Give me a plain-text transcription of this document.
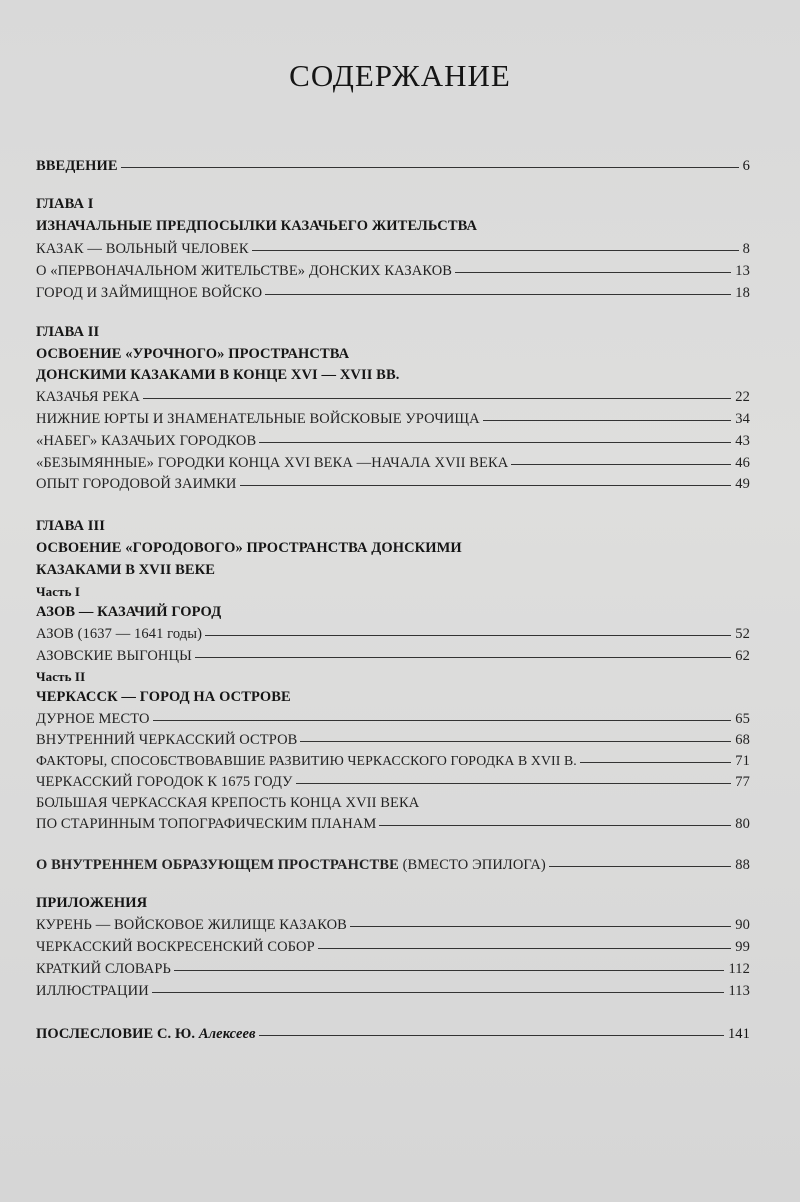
СОДЕРЖАНИЕ
ВВЕДЕНИЕ	6
ГЛАВА I
ИЗНАЧАЛЬНЫЕ ПРЕДПОСЫЛКИ КАЗАЧЬЕГО ЖИТЕЛЬСТВА
КАЗАК — ВОЛЬНЫЙ ЧЕЛОВЕК	8
О «ПЕРВОНАЧАЛЬНОМ ЖИТЕЛЬСТВЕ» ДОНСКИХ КАЗАКОВ	13
ГОРОД И ЗАЙМИЩНОЕ ВОЙСКО	18
ГЛАВА II
ОСВОЕНИЕ «УРОЧНОГО» ПРОСТРАНСТВА
ДОНСКИМИ КАЗАКАМИ В КОНЦЕ XVI — XVII ВВ.
КАЗАЧЬЯ РЕКА	22
НИЖНИЕ ЮРТЫ И ЗНАМЕНАТЕЛЬНЫЕ ВОЙСКОВЫЕ УРОЧИЩА	34
«НАБЕГ» КАЗАЧЬИХ ГОРОДКОВ	43
«БЕЗЫМЯННЫЕ» ГОРОДКИ КОНЦА XVI ВЕКА —НАЧАЛА XVII ВЕКА	46
ОПЫТ ГОРОДОВОЙ ЗАИМКИ	49
ГЛАВА III
ОСВОЕНИЕ «ГОРОДОВОГО» ПРОСТРАНСТВА ДОНСКИМИ
КАЗАКАМИ В XVII ВЕКЕ
Часть I
АЗОВ — КАЗАЧИЙ ГОРОД
АЗОВ (1637 — 1641 годы)	52
АЗОВСКИЕ ВЫГОНЦЫ	62
Часть II
ЧЕРКАССК — ГОРОД НА ОСТРОВЕ
ДУРНОЕ МЕСТО	65
ВНУТРЕННИЙ ЧЕРКАССКИЙ ОСТРОВ	68
ФАКТОРЫ, СПОСОБСТВОВАВШИЕ РАЗВИТИЮ ЧЕРКАССКОГО ГОРОДКА В XVII В.	71
ЧЕРКАССКИЙ ГОРОДОК К 1675 ГОДУ	77
БОЛЬШАЯ ЧЕРКАССКАЯ КРЕПОСТЬ КОНЦА XVII ВЕКА
ПО СТАРИННЫМ ТОПОГРАФИЧЕСКИМ ПЛАНАМ	80
О ВНУТРЕННЕМ ОБРАЗУЮЩЕМ ПРОСТРАНСТВЕ (ВМЕСТО ЭПИЛОГА)	88
ПРИЛОЖЕНИЯ
КУРЕНЬ — ВОЙСКОВОЕ ЖИЛИЩЕ КАЗАКОВ	90
ЧЕРКАССКИЙ ВОСКРЕСЕНСКИЙ СОБОР	99
КРАТКИЙ СЛОВАРЬ	112
ИЛЛЮСТРАЦИИ	113
ПОСЛЕСЛОВИЕ С. Ю. Алексеев	141
